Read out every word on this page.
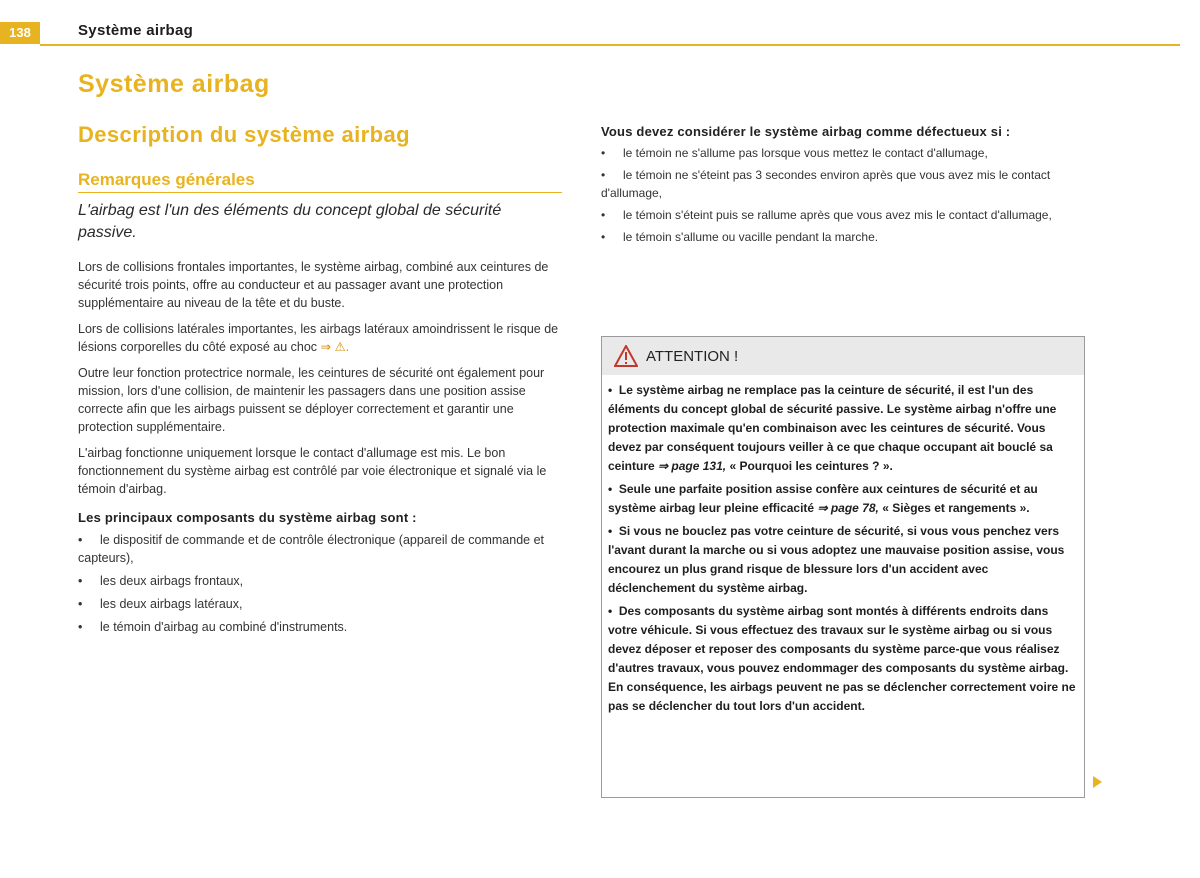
138	Système airbag
Système airbag
Description du système airbag
Remarques générales

L'airbag est l'un des éléments du concept global de sécurité passive.

Lors de collisions frontales importantes, le système airbag, combiné aux ceintures de sécurité trois points, offre au conducteur et au passager avant une protection supplémentaire au niveau de la tête et du buste.

Lors de collisions latérales importantes, les airbags latéraux amoindrissent le risque de lésions corporelles du côté exposé au choc ⇒ ⚠.

Outre leur fonction protectrice normale, les ceintures de sécurité ont également pour mission, lors d'une collision, de maintenir les passagers dans une position assise correcte afin que les airbags puissent se déployer correctement et garantir une protection supplémentaire.

L'airbag fonctionne uniquement lorsque le contact d'allumage est mis. Le bon fonctionnement du système airbag est contrôlé par voie électronique et signalé via le témoin d'airbag.

Les principaux composants du système airbag sont :
• le dispositif de commande et de contrôle électronique (appareil de commande et capteurs),
• les deux airbags frontaux,
• les deux airbags latéraux,
• le témoin d'airbag au combiné d'instruments.
Vous devez considérer le système airbag comme défectueux si :
• le témoin ne s'allume pas lorsque vous mettez le contact d'allumage,
• le témoin ne s'éteint pas 3 secondes environ après que vous avez mis le contact d'allumage,
• le témoin s'éteint puis se rallume après que vous avez mis le contact d'allumage,
• le témoin s'allume ou vacille pendant la marche.
ATTENTION !

• Le système airbag ne remplace pas la ceinture de sécurité, il est l'un des éléments du concept global de sécurité passive. Le système airbag n'offre une protection maximale qu'en combinaison avec les ceintures de sécurité. Vous devez par conséquent toujours veiller à ce que chaque occupant ait bouclé sa ceinture ⇒ page 131, « Pourquoi les ceintures ? ».

• Seule une parfaite position assise confère aux ceintures de sécurité et au système airbag leur pleine efficacité ⇒ page 78, « Sièges et rangements ».

• Si vous ne bouclez pas votre ceinture de sécurité, si vous vous penchez vers l'avant durant la marche ou si vous adoptez une mauvaise position assise, vous encourez un plus grand risque de blessure lors d'un accident avec déclenchement du système airbag.

• Des composants du système airbag sont montés à différents endroits dans votre véhicule. Si vous effectuez des travaux sur le système airbag ou si vous devez déposer et reposer des composants du système parce-que vous réalisez d'autres travaux, vous pouvez endommager des composants du système airbag. En conséquence, les airbags peuvent ne pas se déclencher correctement voire ne pas se déclencher du tout lors d'un accident.
